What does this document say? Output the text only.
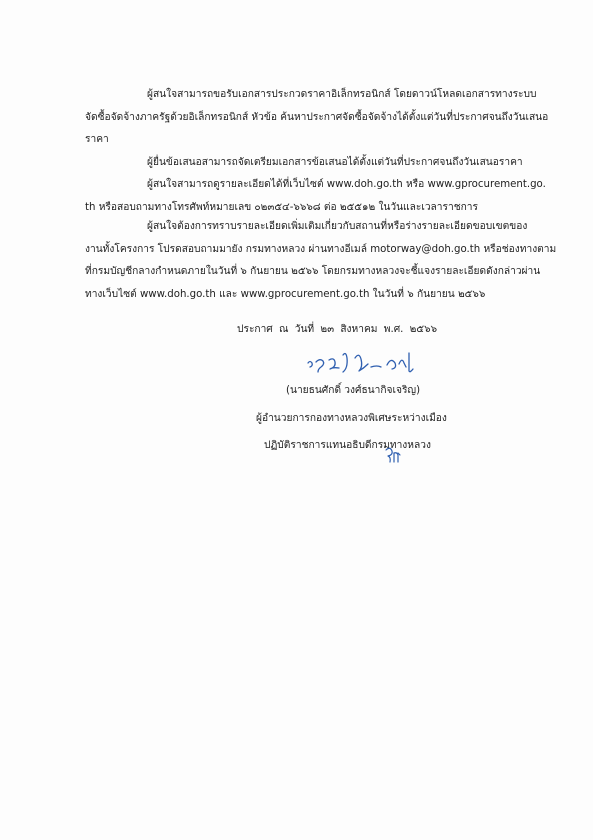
ผู้สนใจสามารถขอรับเอกสารประกวดราคาอิเล็กทรอนิกส์ โดยดาวน์โหลดเอกสารทางระบบ
จัดซื้อจัดจ้างภาครัฐด้วยอิเล็กทรอนิกส์ หัวข้อ ค้นหาประกาศจัดซื้อจัดจ้างได้ตั้งแต่วันที่ประกาศจนถึงวันเสนอ
ราคา
ผู้ยื่นข้อเสนอสามารถจัดเตรียมเอกสารข้อเสนอได้ตั้งแต่วันที่ประกาศจนถึงวันเสนอราคา
ผู้สนใจสามารถดูรายละเอียดได้ที่เว็บไซต์ www.doh.go.th หรือ www.gprocurement.go.
th หรือสอบถามทางโทรศัพท์หมายเลข ๐๒๓๕๔-๖๖๖๘ ต่อ ๒๕๕๑๒ ในวันและเวลาราชการ
ผู้สนใจต้องการทราบรายละเอียดเพิ่มเติมเกี่ยวกับสถานที่หรือร่างรายละเอียดขอบเขตของ
งานทั้งโครงการ โปรดสอบถามมายัง กรมทางหลวง ผ่านทางอีเมล์ motorway@doh.go.th หรือช่องทางตาม
ที่กรมบัญชีกลางกำหนดภายในวันที่ ๖ กันยายน ๒๕๖๖ โดยกรมทางหลวงจะชี้แจงรายละเอียดดังกล่าวผ่าน
ทางเว็บไซต์ www.doh.go.th และ www.gprocurement.go.th ในวันที่ ๖ กันยายน ๒๕๖๖
ประกาศ ณ วันที่ ๒๓ สิงหาคม พ.ศ. ๒๕๖๖
(นายธนศักดิ์ วงศ์ธนากิจเจริญ)
ผู้อำนวยการกองทางหลวงพิเศษระหว่างเมือง
ปฏิบัติราชการแทนอธิบดีกรมทางหลวง
